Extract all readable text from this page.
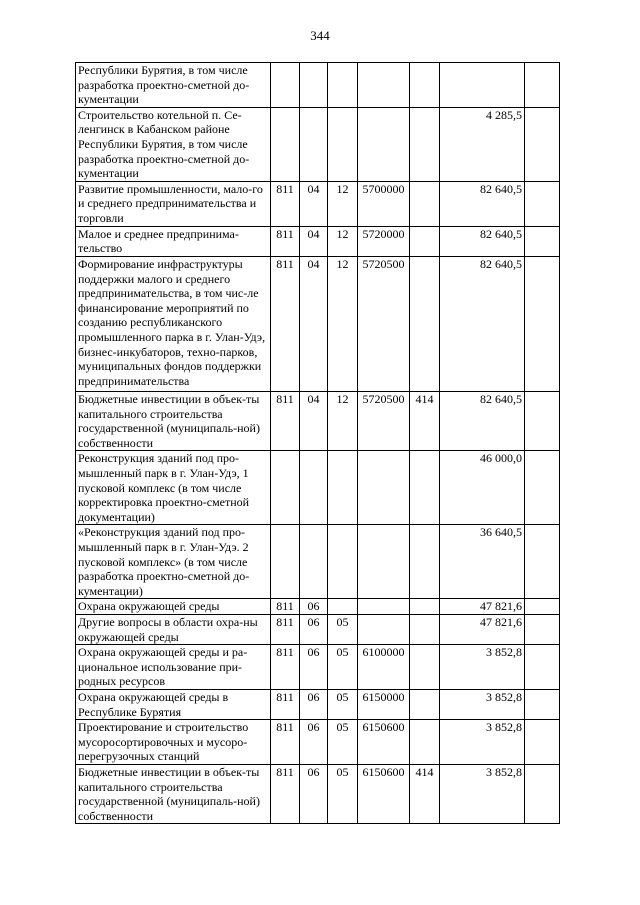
344
Республики Бурятия, в том числе разработка проектно-сметной до-кументации							
Строительство котельной п. Се-ленгинск в Кабанском районе Республики Бурятия, в том числе разработка проектно-сметной до-кументации						4 285,5	
Развитие промышленности, мало-го и среднего предпринимательства и торговли	811	04	12	5700000		82 640,5	
Малое и среднее предпринима-тельство	811	04	12	5720000		82 640,5	
Формирование инфраструктуры поддержки малого и среднего предпринимательства, в том чис-ле финансирование мероприятий по созданию республиканского промышленного парка в г. Улан-Удэ, бизнес-инкубаторов, техно-парков, муниципальных фондов поддержки предпринимательства	811	04	12	5720500		82 640,5	
Бюджетные инвестиции в объек-ты капитального строительства государственной (муниципаль-ной) собственности	811	04	12	5720500	414	82 640,5	
Реконструкция зданий под про-мышленный парк в г. Улан-Удэ, 1 пусковой комплекс (в том числе корректировка проектно-сметной документации)						46 000,0	
«Реконструкция зданий под про-мышленный парк в г. Улан-Удэ. 2 пусковой комплекс» (в том числе разработка проектно-сметной до-кументации)						36 640,5	
Охрана окружающей среды	811	06				47 821,6	
Другие вопросы в области охра-ны окружающей среды	811	06	05			47 821,6	
Охрана окружающей среды и ра-циональное использование при-родных ресурсов	811	06	05	6100000		3 852,8	
Охрана окружающей среды в Республике Бурятия	811	06	05	6150000		3 852,8	
Проектирование и строительство мусоросортировочных и мусоро-перегрузочных станций	811	06	05	6150600		3 852,8	
Бюджетные инвестиции в объек-ты капитального строительства государственной (муниципаль-ной) собственности	811	06	05	6150600	414	3 852,8	
